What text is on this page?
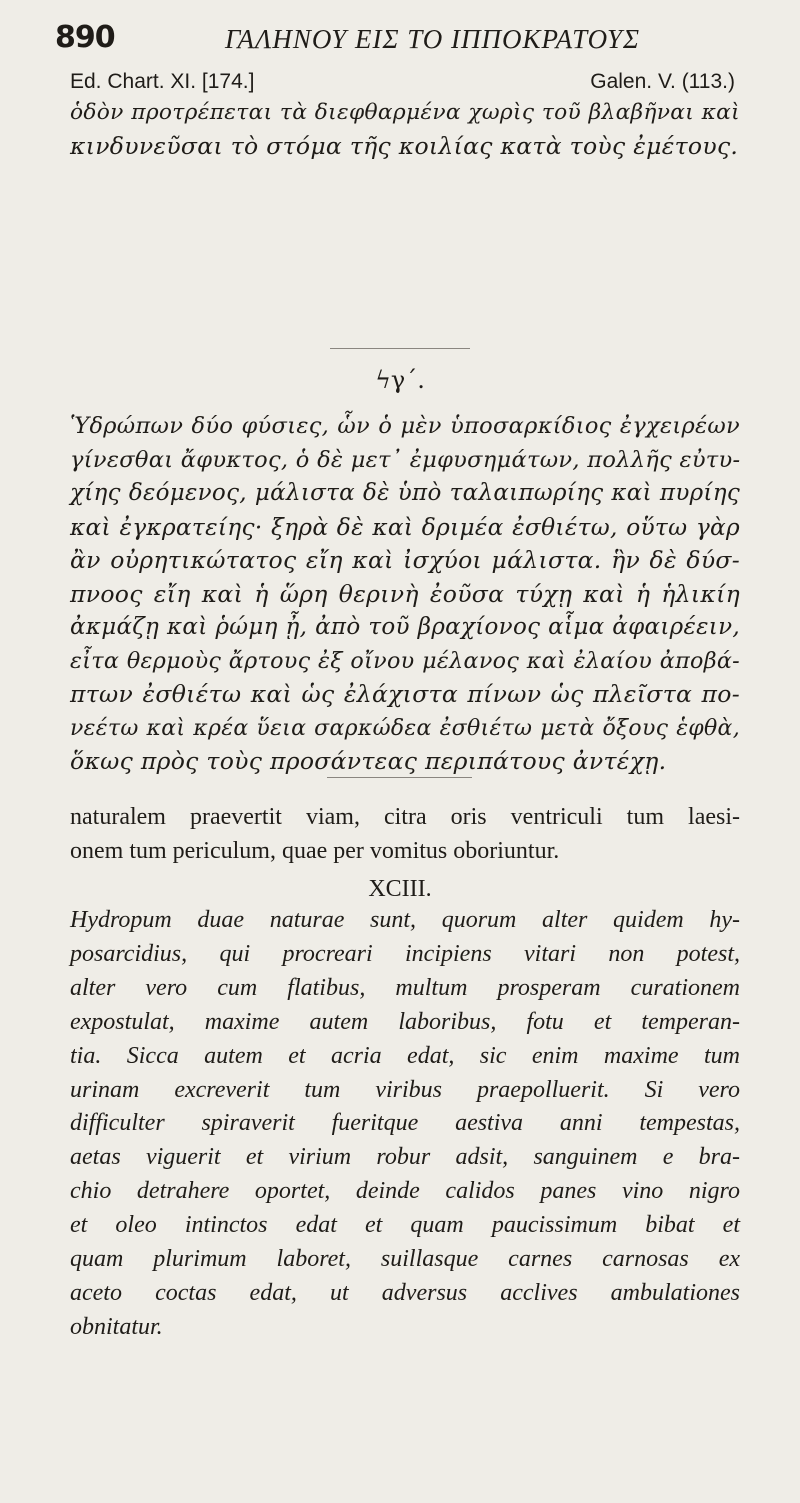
890	ΓΑΛΗΝΟΥ ΕΙΣ ΤΟ ΙΠΠΟΚΡΑΤΟΥΣ
Ed. Chart. XI. [174.]	Galen. V. (113.)
ὁδὸν προτρέπεται τὰ διεφθαρμένα χωρὶς τοῦ βλαβῆναι καὶ
κινδυνεῦσαι τὸ στόμα τῆς κοιλίας κατὰ τοὺς ἐμέτους.
ϟγ΄.
Ὑδρώπων δύο φύσιες, ὧν ὁ μὲν ὑποσαρκίδιος ἐγχειρέων
γίνεσθαι ἄφυκτος, ὁ δὲ μετ᾽ ἐμφυσημάτων, πολλῆς εὐτυ-
χίης δεόμενος, μάλιστα δὲ ὑπὸ ταλαιπωρίης καὶ πυρίης
καὶ ἐγκρατείης· ξηρὰ δὲ καὶ δριμέα ἐσθιέτω, οὕτω γὰρ
ἂν οὐρητικώτατος εἴη καὶ ἰσχύοι μάλιστα. ἣν δὲ δύσ-
πνοος εἴη καὶ ἡ ὥρη θερινὴ ἐοῦσα τύχῃ καὶ ἡ ἡλικίη
ἀκμάζῃ καὶ ῥώμη ᾖ, ἀπὸ τοῦ βραχίονος αἷμα ἀφαιρέειν,
εἶτα θερμοὺς ἄρτους ἐξ οἴνου μέλανος καὶ ἐλαίου ἀποβά-
πτων ἐσθιέτω καὶ ὡς ἐλάχιστα πίνων ὡς πλεῖστα πο-
νεέτω καὶ κρέα ὕεια σαρκώδεα ἐσθιέτω μετὰ ὄξους ἑφθὰ,
ὅκως πρὸς τοὺς προσάντεας περιπάτους ἀντέχῃ.
naturalem praevertit viam, citra oris ventriculi tum laesi-
onem tum periculum, quae per vomitus oboriuntur.
XCIII.
Hydropum duae naturae sunt, quorum alter quidem hy-
posarcidius, qui procreari incipiens vitari non potest,
alter vero cum flatibus, multum prosperam curationem
expostulat, maxime autem laboribus, fotu et temperan-
tia. Sicca autem et acria edat, sic enim maxime tum
urinam excreverit tum viribus praepolluerit. Si vero
difficulter spiraverit fueritque aestiva anni tempestas,
aetas viguerit et virium robur adsit, sanguinem e bra-
chio detrahere oportet, deinde calidos panes vino nigro
et oleo intinctos edat et quam paucissimum bibat et
quam plurimum laboret, suillasque carnes carnosas ex
aceto coctas edat, ut adversus acclives ambulationes
obnitatur.
